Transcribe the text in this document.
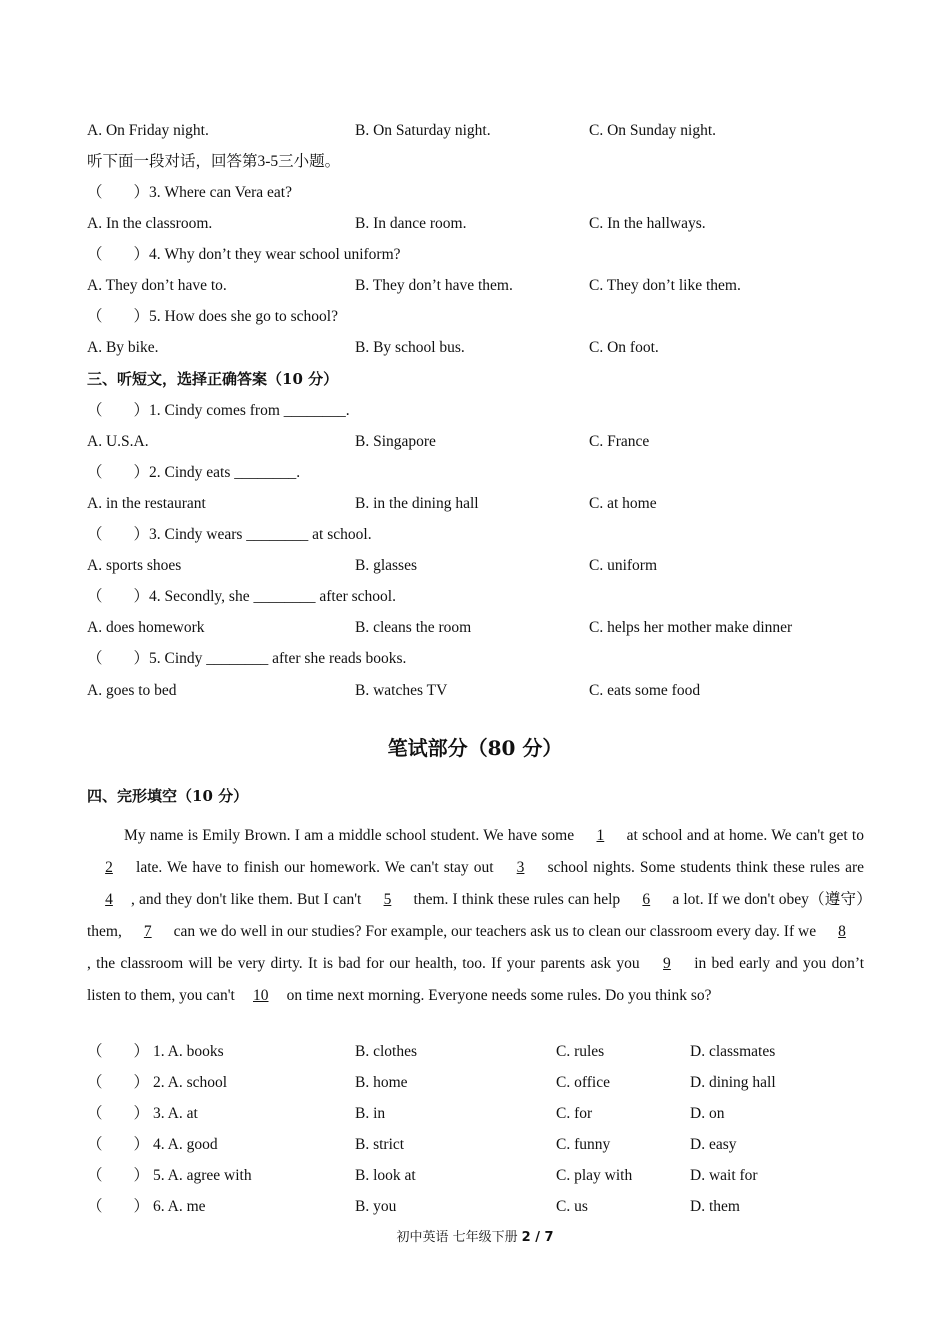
A. On Friday night.	B. On Saturday night.	C. On Sunday night.
听下面一段对话，回答第3-5三小题。
（　　）3. Where can Vera eat?
A. In the classroom.	B. In dance room.	C. In the hallways.
（　　）4. Why don’t they wear school uniform?
A. They don’t have to.	B. They don’t have them.	C. They don’t like them.
（　　）5. How does she go to school?
A. By bike.	B. By school bus.	C. On foot.
三、听短文，选择正确答案（10 分）
（　　）1. Cindy comes from ________.
A. U.S.A.	B. Singapore	C. France
（　　）2. Cindy eats ________.
A. in the restaurant	B. in the dining hall	C. at home
（　　）3. Cindy wears ________ at school.
A. sports shoes	B. glasses	C. uniform
（　　）4. Secondly, she ________ after school.
A. does homework	B. cleans the room	C. helps her mother make dinner
（　　）5. Cindy ________ after she reads books.
A. goes to bed	B. watches TV	C. eats some food
笔试部分（80 分）
四、完形填空（10 分）
My name is Emily Brown. I am a middle school student. We have some 1 at school and at home. We can't get to 2 late. We have to finish our homework. We can't stay out 3 school nights. Some students think these rules are 4 , and they don't like them. But I can't 5 them. I think these rules can help 6 a lot. If we don't obey（遵守）them, 7 can we do well in our studies? For example, our teachers ask us to clean our classroom every day. If we 8, the classroom will be very dirty. It is bad for our health, too. If your parents ask you 9 in bed early and you don’t listen to them, you can't 10 on time next morning. Everyone needs some rules. Do you think so?
（　　） 1. A. books	B. clothes	C. rules	D. classmates
（　　） 2. A. school	B. home	C. office	D. dining hall
（　　） 3. A. at	B. in	C. for	D. on
（　　） 4. A. good	B. strict	C. funny	D. easy
（　　） 5. A. agree with	B. look at	C. play with	D. wait for
（　　） 6. A. me	B. you	C. us	D. them
初中英语 七年级下册 2 / 7
